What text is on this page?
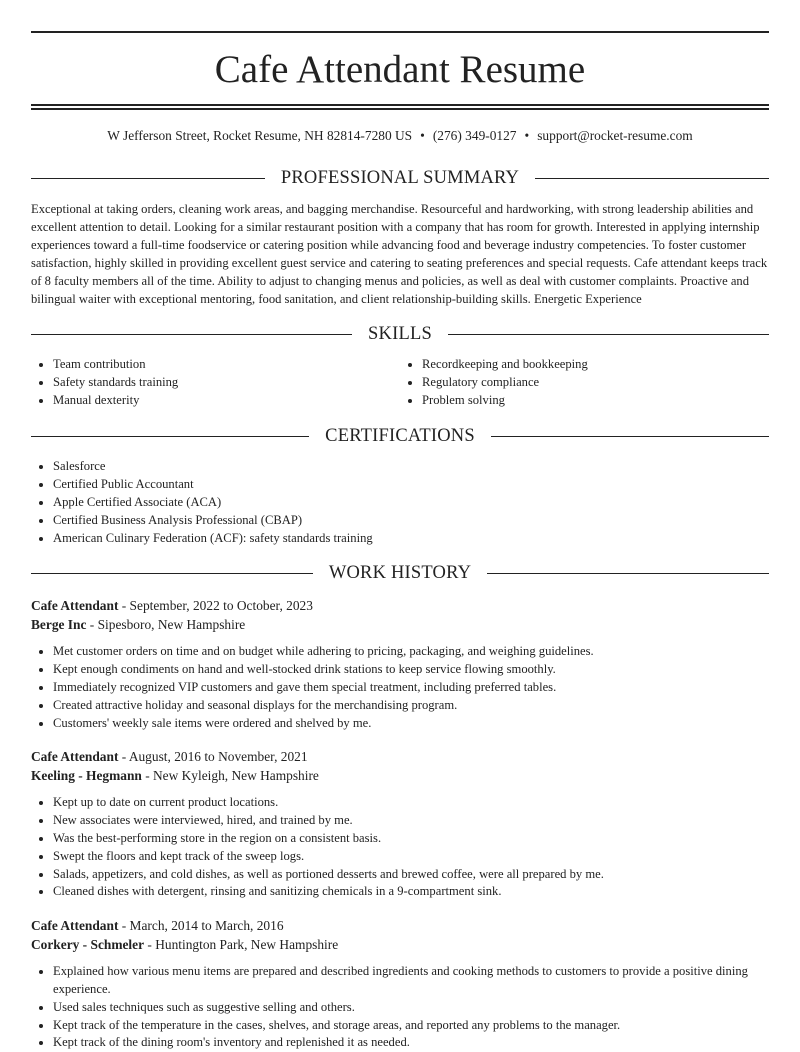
Cafe Attendant Resume
W Jefferson Street, Rocket Resume, NH 82814-7280 US • (276) 349-0127 • support@rocket-resume.com
PROFESSIONAL SUMMARY
Exceptional at taking orders, cleaning work areas, and bagging merchandise. Resourceful and hardworking, with strong leadership abilities and excellent attention to detail. Looking for a similar restaurant position with a company that has room for growth. Interested in applying internship experiences toward a full-time foodservice or catering position while advancing food and beverage industry competencies. To foster customer satisfaction, highly skilled in providing excellent guest service and catering to seating preferences and special requests. Cafe attendant keeps track of 8 faculty members all of the time. Ability to adjust to changing menus and policies, as well as deal with customer complaints. Proactive and bilingual waiter with exceptional mentoring, food sanitation, and client relationship-building skills. Energetic Experience
SKILLS
• Team contribution
• Safety standards training
• Manual dexterity
• Recordkeeping and bookkeeping
• Regulatory compliance
• Problem solving
CERTIFICATIONS
• Salesforce
• Certified Public Accountant
• Apple Certified Associate (ACA)
• Certified Business Analysis Professional (CBAP)
• American Culinary Federation (ACF): safety standards training
WORK HISTORY
Cafe Attendant - September, 2022 to October, 2023
Berge Inc - Sipesboro, New Hampshire
• Met customer orders on time and on budget while adhering to pricing, packaging, and weighing guidelines.
• Kept enough condiments on hand and well-stocked drink stations to keep service flowing smoothly.
• Immediately recognized VIP customers and gave them special treatment, including preferred tables.
• Created attractive holiday and seasonal displays for the merchandising program.
• Customers' weekly sale items were ordered and shelved by me.
Cafe Attendant - August, 2016 to November, 2021
Keeling - Hegmann - New Kyleigh, New Hampshire
• Kept up to date on current product locations.
• New associates were interviewed, hired, and trained by me.
• Was the best-performing store in the region on a consistent basis.
• Swept the floors and kept track of the sweep logs.
• Salads, appetizers, and cold dishes, as well as portioned desserts and brewed coffee, were all prepared by me.
• Cleaned dishes with detergent, rinsing and sanitizing chemicals in a 9-compartment sink.
Cafe Attendant - March, 2014 to March, 2016
Corkery - Schmeler - Huntington Park, New Hampshire
• Explained how various menu items are prepared and described ingredients and cooking methods to customers to provide a positive dining experience.
• Used sales techniques such as suggestive selling and others.
• Kept track of the temperature in the cases, shelves, and storage areas, and reported any problems to the manager.
• Kept track of the dining room's inventory and replenished it as needed.
